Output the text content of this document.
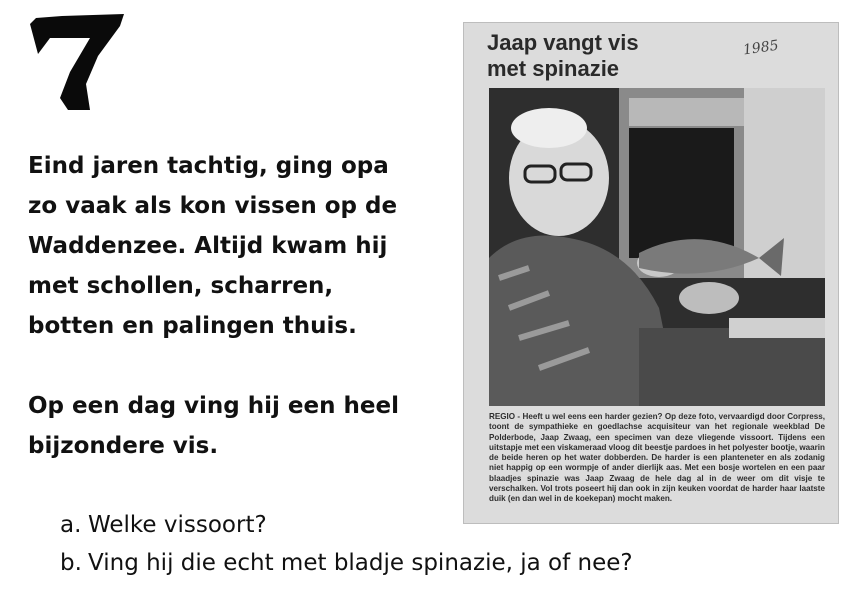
Eind jaren tachtig, ging opa
zo vaak als kon vissen op de
Waddenzee. Altijd kwam hij
met schollen, scharren,
botten en palingen thuis.

Op een dag ving hij een heel
bijzondere vis.

a. Welke vissoort?
b. Ving hij die echt met bladje spinazie, ja of nee?
Jaap vangt vis
met spinazie
1985

REGIO - Heeft u wel eens een harder gezien? Op deze foto, vervaardigd door Corpress, toont de sympathieke en goedlachse acquisiteur van het regionale weekblad De Polderbode, Jaap Zwaag, een specimen van deze vliegende vissoort. Tijdens een uitstapje met een viskameraad vloog dit beestje pardoes in het polyester bootje, waarin de beide heren op het water dobberden. De harder is een planteneter en als zodanig niet happig op een wormpje of ander dierlijk aas. Met een bosje wortelen en een paar blaadjes spinazie was Jaap Zwaag de hele dag al in de weer om dit visje te verschalken. Vol trots poseert hij dan ook in zijn keuken voordat de harder haar laatste duik (en dan wel in de koekepan) mocht maken.
